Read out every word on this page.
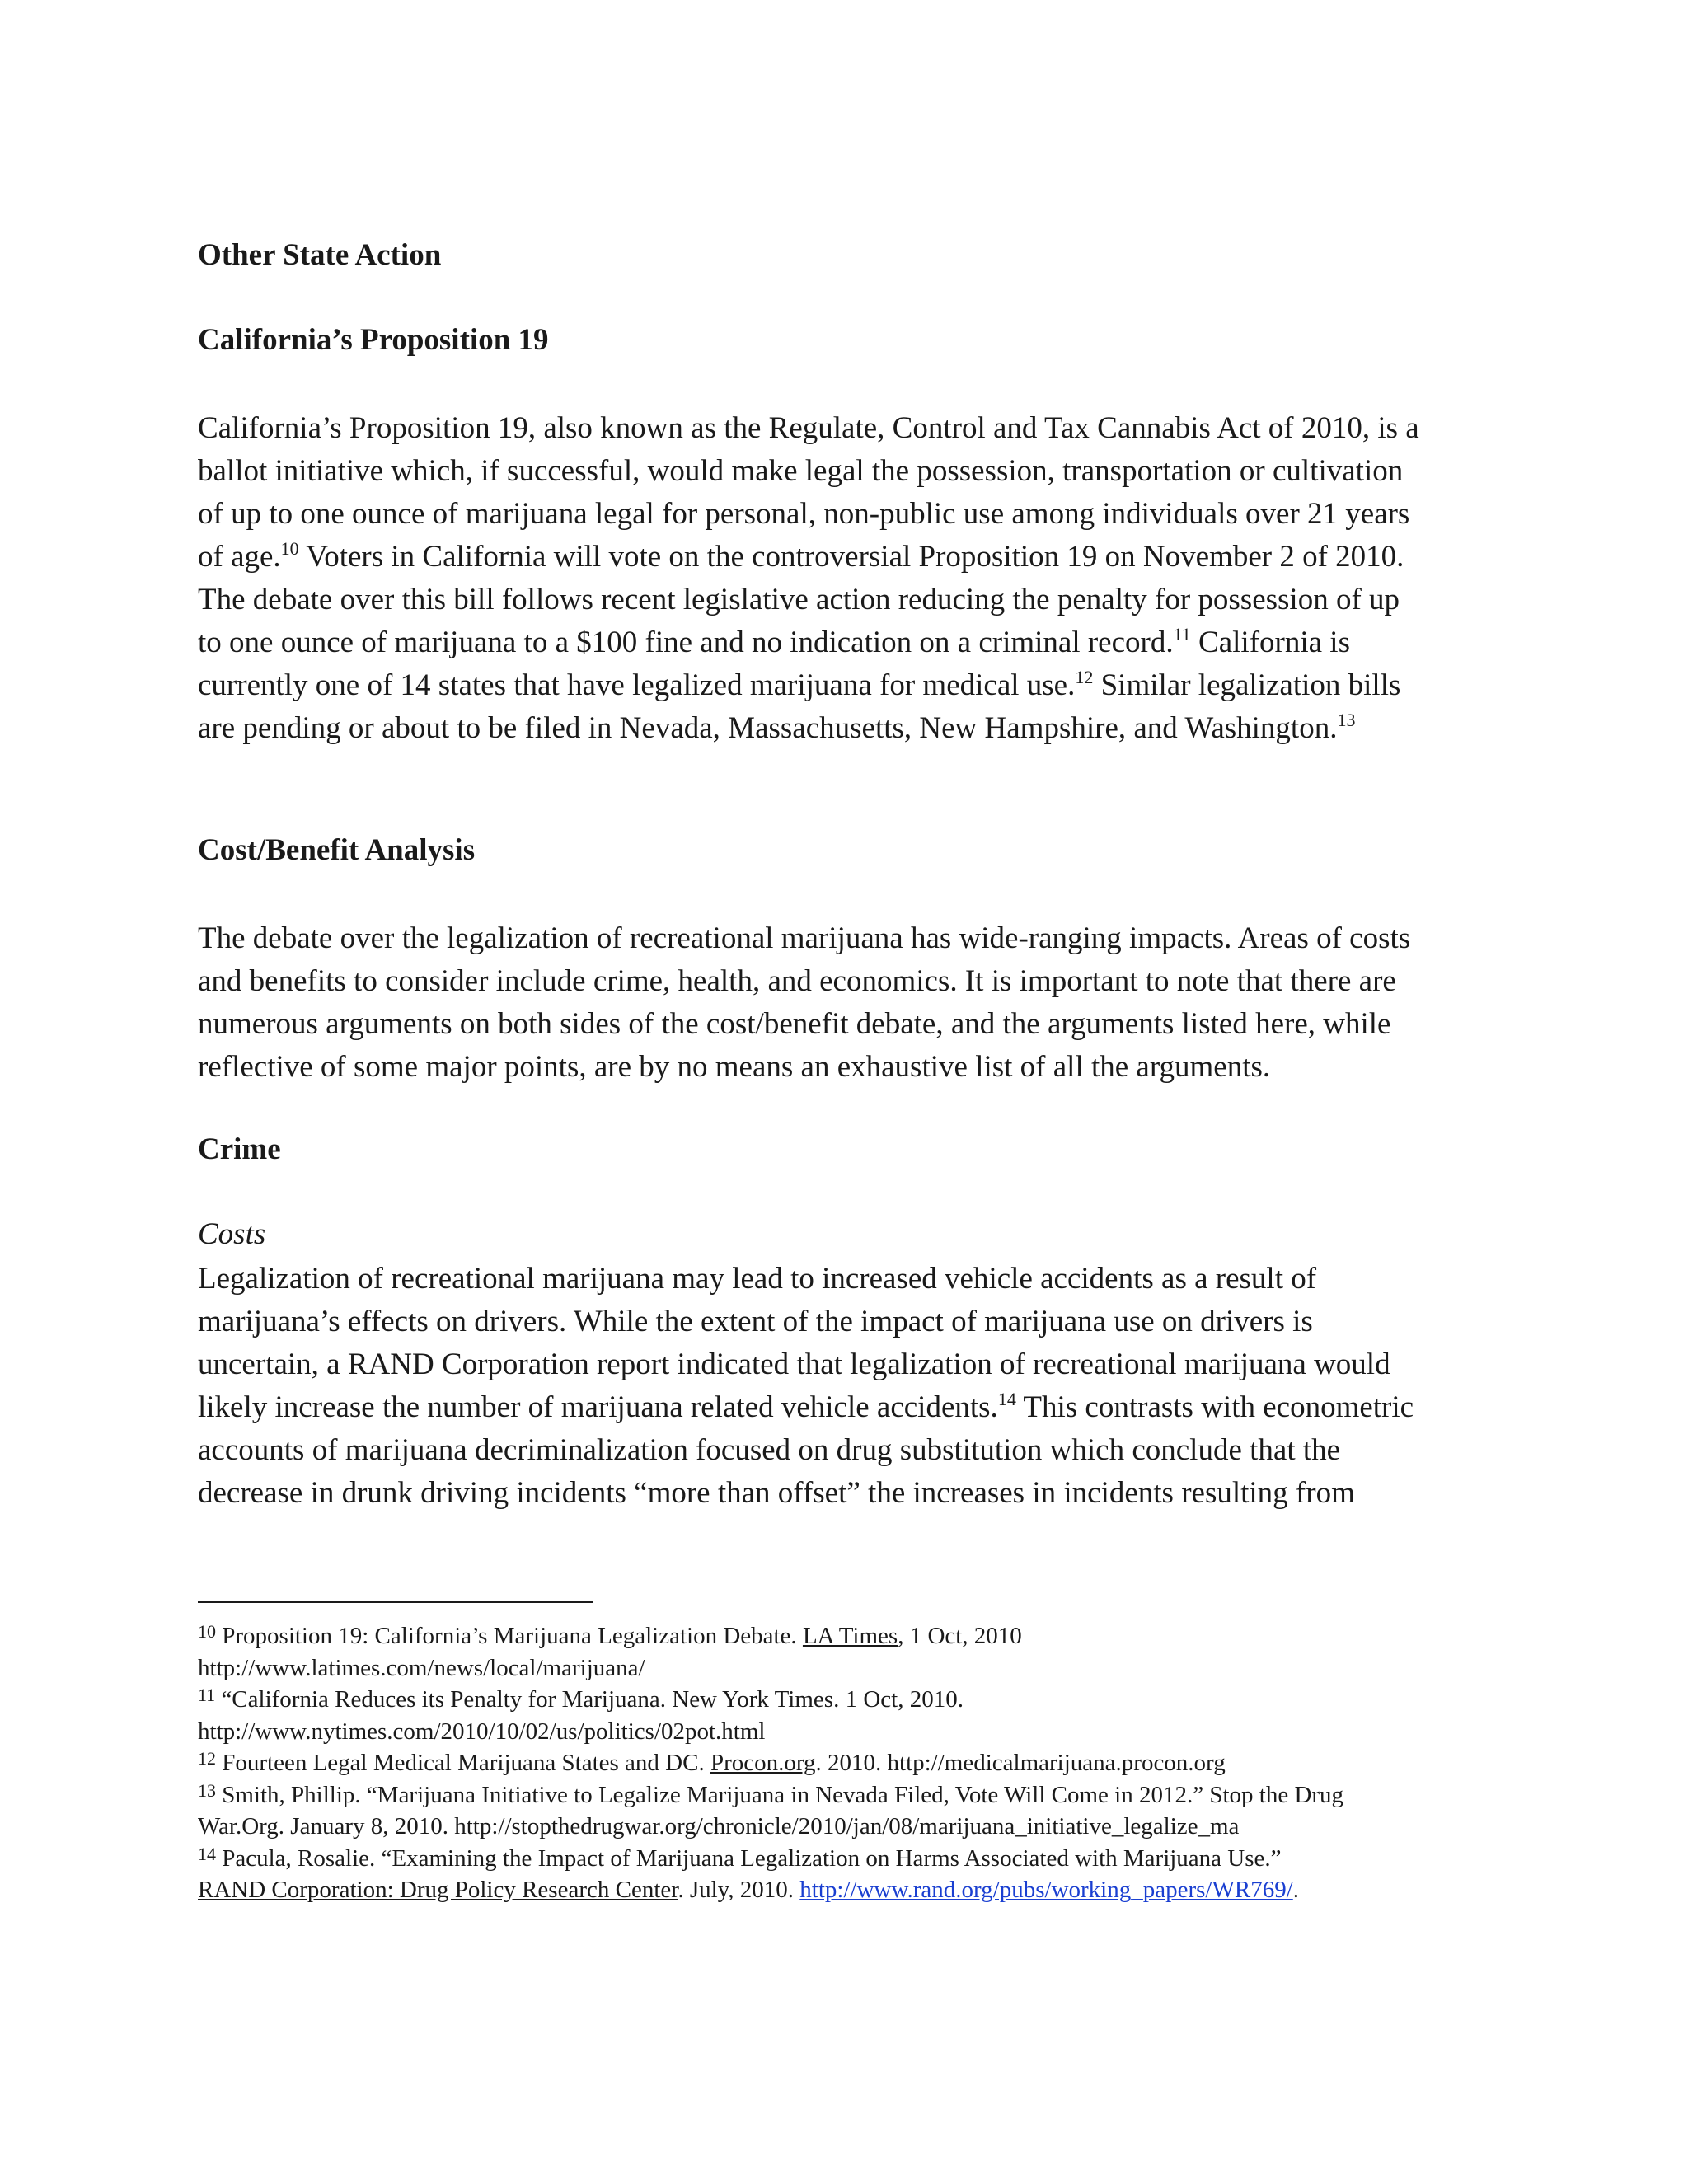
Other State Action
California’s Proposition 19
California’s Proposition 19, also known as the Regulate, Control and Tax Cannabis Act of 2010, is a
ballot initiative which, if successful, would make legal the possession, transportation or cultivation
of up to one ounce of marijuana legal for personal, non-public use among individuals over 21 years
of age.$^{10}$ Voters in California will vote on the controversial Proposition 19 on November 2 of 2010.
The debate over this bill follows recent legislative action reducing the penalty for possession of up
to one ounce of marijuana to a $100 fine and no indication on a criminal record.$^{11}$ California is
currently one of 14 states that have legalized marijuana for medical use.$^{12}$ Similar legalization bills
are pending or about to be filed in Nevada, Massachusetts, New Hampshire, and Washington.$^{13}$
Cost/Benefit Analysis
The debate over the legalization of recreational marijuana has wide-ranging impacts. Areas of costs
and benefits to consider include crime, health, and economics. It is important to note that there are
numerous arguments on both sides of the cost/benefit debate, and the arguments listed here, while
reflective of some major points, are by no means an exhaustive list of all the arguments.
Crime
Costs
Legalization of recreational marijuana may lead to increased vehicle accidents as a result of
marijuana’s effects on drivers. While the extent of the impact of marijuana use on drivers is
uncertain, a RAND Corporation report indicated that legalization of recreational marijuana would
likely increase the number of marijuana related vehicle accidents.$^{14}$ This contrasts with econometric
accounts of marijuana decriminalization focused on drug substitution which conclude that the
decrease in drunk driving incidents “more than offset” the increases in incidents resulting from
$^{10}$ Proposition 19: California’s Marijuana Legalization Debate. LA Times, 1 Oct, 2010
http://www.latimes.com/news/local/marijuana/
$^{11}$ “California Reduces its Penalty for Marijuana. New York Times. 1 Oct, 2010.
http://www.nytimes.com/2010/10/02/us/politics/02pot.html
$^{12}$ Fourteen Legal Medical Marijuana States and DC. Procon.org. 2010. http://medicalmarijuana.procon.org
$^{13}$ Smith, Phillip. “Marijuana Initiative to Legalize Marijuana in Nevada Filed, Vote Will Come in 2012.” Stop the Drug
War.Org. January 8, 2010. http://stopthedrugwar.org/chronicle/2010/jan/08/marijuana_initiative_legalize_ma
$^{14}$ Pacula, Rosalie. “Examining the Impact of Marijuana Legalization on Harms Associated with Marijuana Use.”
RAND Corporation: Drug Policy Research Center. July, 2010. http://www.rand.org/pubs/working_papers/WR769/.
